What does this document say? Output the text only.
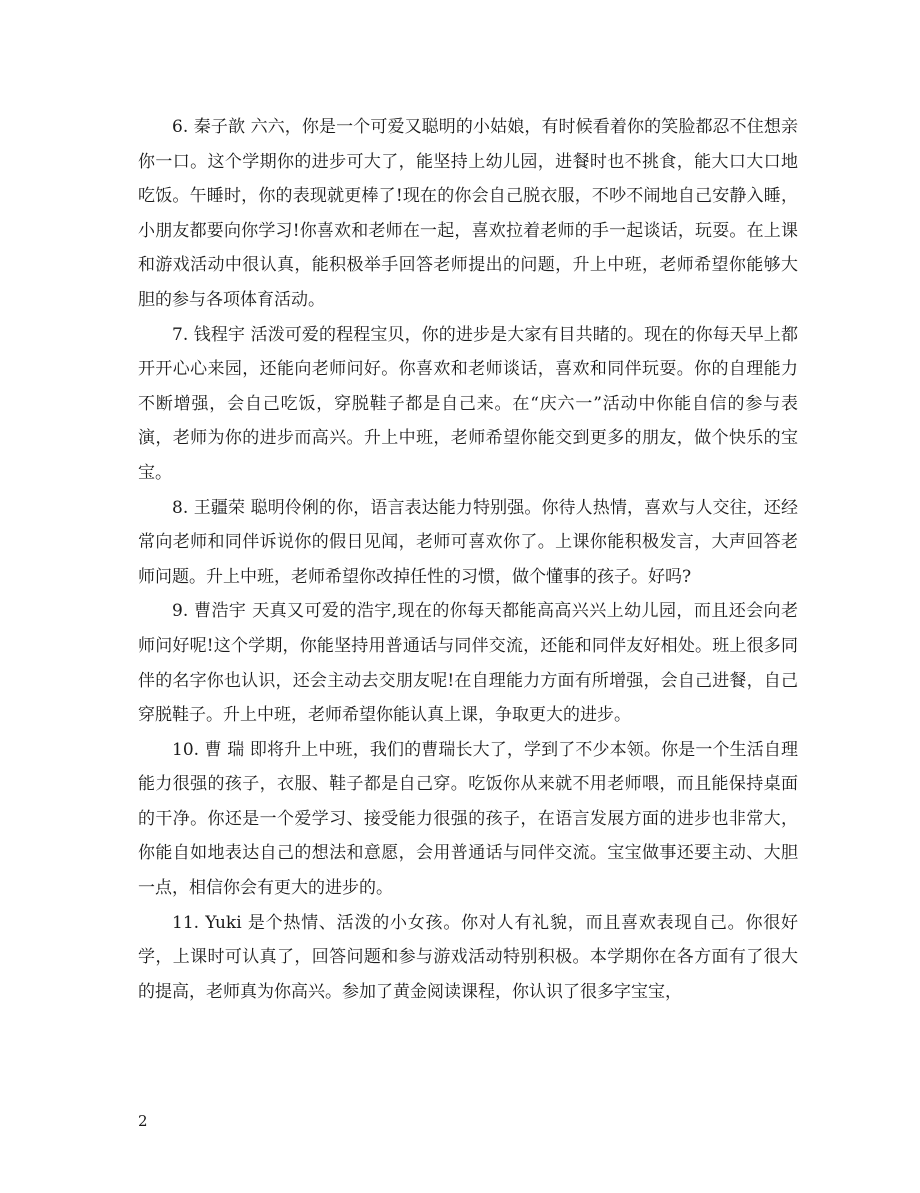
6. 秦子歆 六六，你是一个可爱又聪明的小姑娘，有时候看着你的笑脸都忍不住想亲你一口。这个学期你的进步可大了，能坚持上幼儿园，进餐时也不挑食，能大口大口地吃饭。午睡时，你的表现就更棒了!现在的你会自己脱衣服，不吵不闹地自己安静入睡，小朋友都要向你学习!你喜欢和老师在一起，喜欢拉着老师的手一起谈话，玩耍。在上课和游戏活动中很认真，能积极举手回答老师提出的问题，升上中班，老师希望你能够大胆的参与各项体育活动。

7. 钱程宇 活泼可爱的程程宝贝，你的进步是大家有目共睹的。现在的你每天早上都开开心心来园，还能向老师问好。你喜欢和老师谈话，喜欢和同伴玩耍。你的自理能力不断增强，会自己吃饭，穿脱鞋子都是自己来。在“庆六一”活动中你能自信的参与表演，老师为你的进步而高兴。升上中班，老师希望你能交到更多的朋友，做个快乐的宝宝。

8. 王疆荣 聪明伶俐的你，语言表达能力特别强。你待人热情，喜欢与人交往，还经常向老师和同伴诉说你的假日见闻，老师可喜欢你了。上课你能积极发言，大声回答老师问题。升上中班，老师希望你改掉任性的习惯，做个懂事的孩子。好吗?

9. 曹浩宇 天真又可爱的浩宇,现在的你每天都能高高兴兴上幼儿园，而且还会向老师问好呢!这个学期，你能坚持用普通话与同伴交流，还能和同伴友好相处。班上很多同伴的名字你也认识，还会主动去交朋友呢!在自理能力方面有所增强，会自己进餐，自己穿脱鞋子。升上中班，老师希望你能认真上课，争取更大的进步。

10. 曹 瑞 即将升上中班，我们的曹瑞长大了，学到了不少本领。你是一个生活自理能力很强的孩子，衣服、鞋子都是自己穿。吃饭你从来就不用老师喂，而且能保持桌面的干净。你还是一个爱学习、接受能力很强的孩子，在语言发展方面的进步也非常大，你能自如地表达自己的想法和意愿，会用普通话与同伴交流。宝宝做事还要主动、大胆一点，相信你会有更大的进步的。

11. Yuki 是个热情、活泼的小女孩。你对人有礼貌，而且喜欢表现自己。你很好学，上课时可认真了，回答问题和参与游戏活动特别积极。本学期你在各方面有了很大的提高，老师真为你高兴。参加了黄金阅读课程，你认识了很多字宝宝，

2
